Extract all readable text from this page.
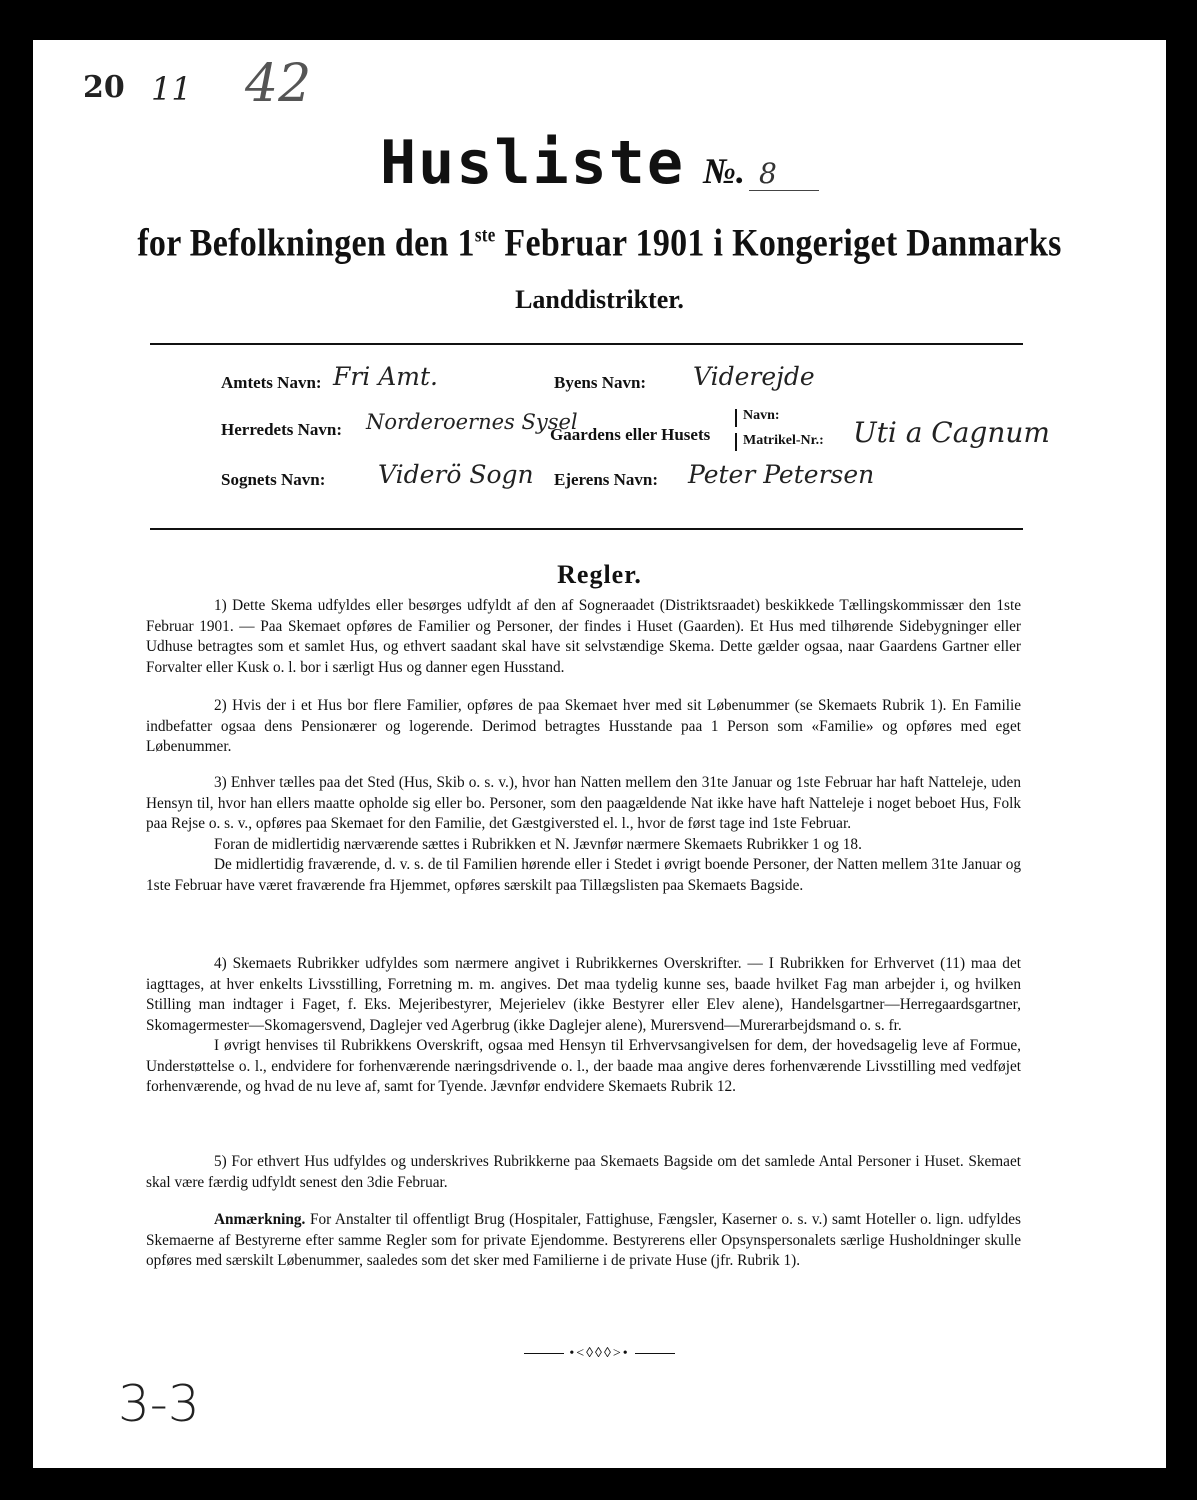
20 11 42
Husliste №. 8
for Befolkningen den 1ste Februar 1901 i Kongeriget Danmarks
Landdistrikter.
Amtets Navn: Fri Amt.	Byens Navn: Viderejde
Herredets Navn: Norderoernes Sysel
Gaardens eller Husets
Navn:
Matrikel-Nr.: Uti a Cagnum
Sognets Navn: Viderö Sogn Ejerens Navn: Peter Petersen
Regler.

1) Dette Skema udfyldes eller besørges udfyldt af den af Sogneraadet (Distriktsraadet) beskikkede Tællingskommissær den 1ste Februar 1901. — Paa Skemaet opføres de Familier og Personer, der findes i Huset (Gaarden). Et Hus med tilhørende Sidebygninger eller Udhuse betragtes som et samlet Hus, og ethvert saadant skal have sit selvstændige Skema. Dette gælder ogsaa, naar Gaardens Gartner eller Forvalter eller Kusk o. l. bor i særligt Hus og danner egen Husstand.

2) Hvis der i et Hus bor flere Familier, opføres de paa Skemaet hver med sit Løbenummer (se Skemaets Rubrik 1). En Familie indbefatter ogsaa dens Pensionærer og logerende. Derimod betragtes Husstande paa 1 Person som «Familie» og opføres med eget Løbenummer.

3) Enhver tælles paa det Sted (Hus, Skib o. s. v.), hvor han Natten mellem den 31te Januar og 1ste Februar har haft Natteleje, uden Hensyn til, hvor han ellers maatte opholde sig eller bo. Personer, som den paagældende Nat ikke have haft Natteleje i noget beboet Hus, Folk paa Rejse o. s. v., opføres paa Skemaet for den Familie, det Gæstgiversted el. l., hvor de først tage ind 1ste Februar.

Foran de midlertidig nærværende sættes i Rubrikken et N. Jævnfør nærmere Skemaets Rubrikker 1 og 18.

De midlertidig fraværende, d. v. s. de til Familien hørende eller i Stedet i øvrigt boende Personer, der Natten mellem 31te Januar og 1ste Februar have været fraværende fra Hjemmet, opføres særskilt paa Tillægslisten paa Skemaets Bagside.

4) Skemaets Rubrikker udfyldes som nærmere angivet i Rubrikkernes Overskrifter. — I Rubrikken for Erhvervet (11) maa det iagttages, at hver enkelts Livsstilling, Forretning m. m. angives. Det maa tydelig kunne ses, baade hvilket Fag man arbejder i, og hvilken Stilling man indtager i Faget, f. Eks. Mejeribestyrer, Mejerielev (ikke Bestyrer eller Elev alene), Handelsgartner—Herregaardsgartner, Skomagermester—Skomagersvend, Daglejer ved Agerbrug (ikke Daglejer alene), Murersvend—Murerarbejdsmand o. s. fr.

I øvrigt henvises til Rubrikkens Overskrift, ogsaa med Hensyn til Erhvervsangivelsen for dem, der hovedsagelig leve af Formue, Understøttelse o. l., endvidere for forhenværende næringsdrivende o. l., der baade maa angive deres forhenværende Livsstilling med vedføjet forhenværende, og hvad de nu leve af, samt for Tyende. Jævnfør endvidere Skemaets Rubrik 12.

5) For ethvert Hus udfyldes og underskrives Rubrikkerne paa Skemaets Bagside om det samlede Antal Personer i Huset. Skemaet skal være færdig udfyldt senest den 3die Februar.

Anmærkning. For Anstalter til offentligt Brug (Hospitaler, Fattighuse, Fængsler, Kaserner o. s. v.) samt Hoteller o. lign. udfyldes Skemaerne af Bestyrerne efter samme Regler som for private Ejendomme. Bestyrerens eller Opsynspersonalets særlige Husholdninger skulle opføres med særskilt Løbenummer, saaledes som det sker med Familierne i de private Huse (jfr. Rubrik 1).

•<◊◊◊>•
3-3
